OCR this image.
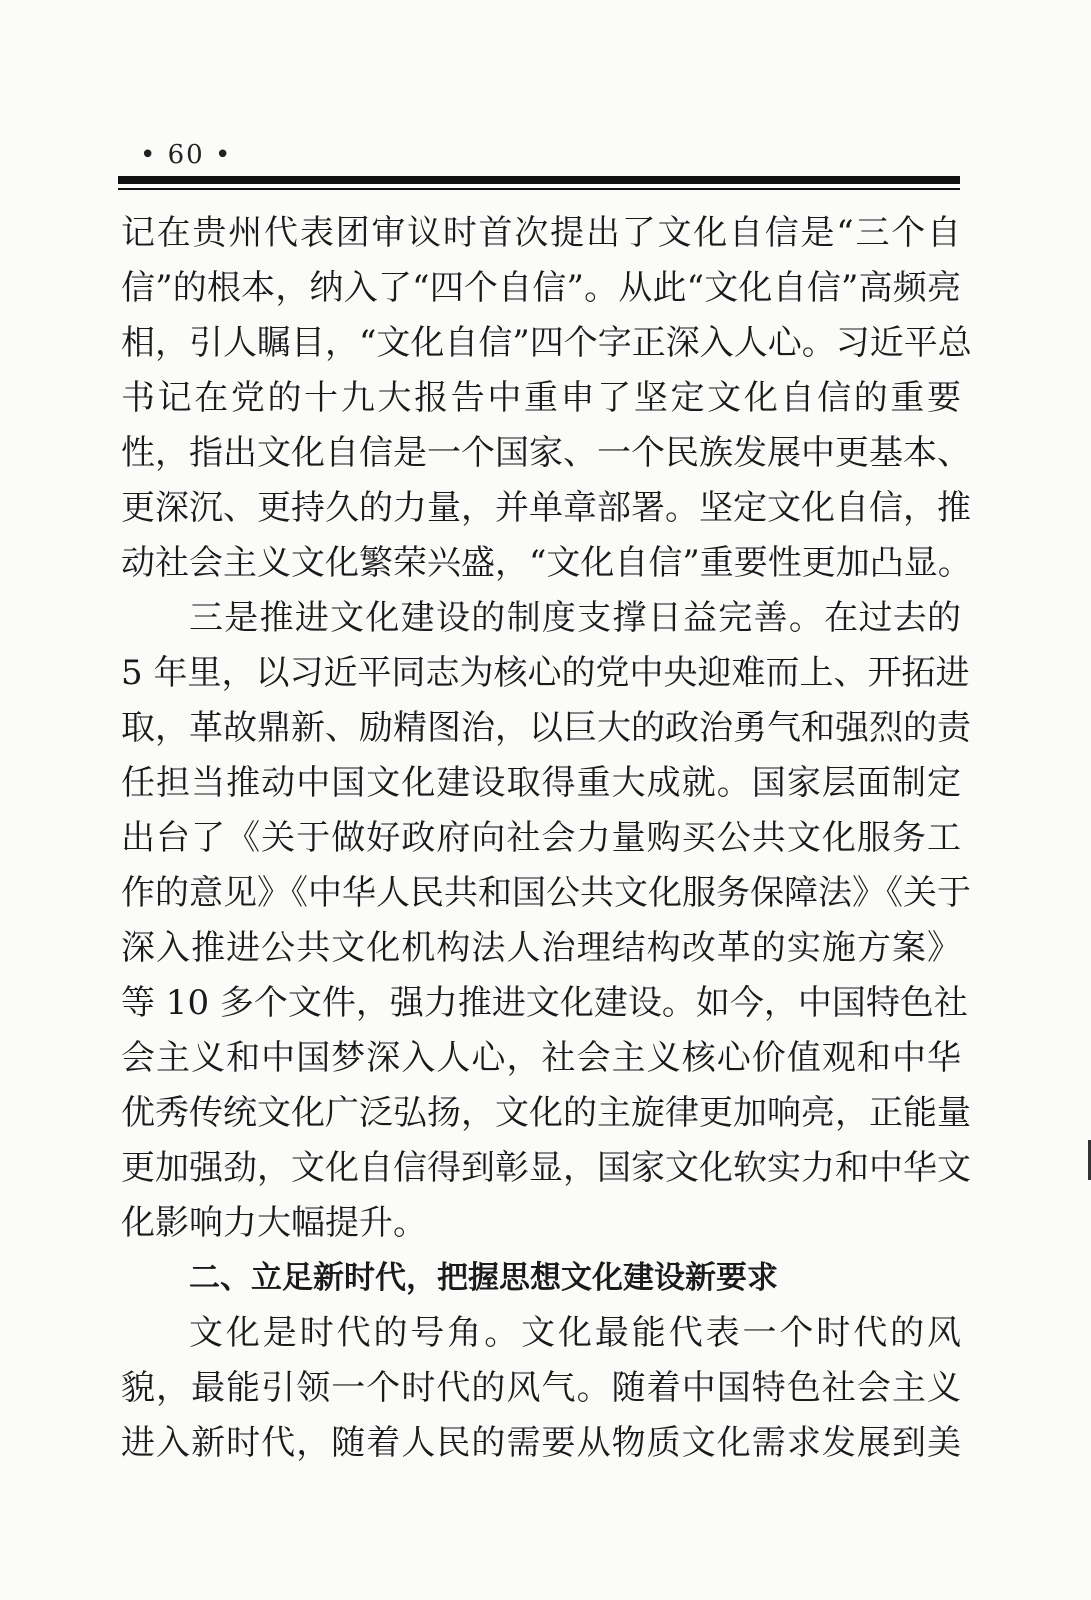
• 60 •
记在贵州代表团审议时首次提出了文化自信是“三个自
信”的根本，纳入了“四个自信”。从此“文化自信”高频亮
相，引人瞩目，“文化自信”四个字正深入人心。习近平总
书记在党的十九大报告中重申了坚定文化自信的重要
性，指出文化自信是一个国家、一个民族发展中更基本、
更深沉、更持久的力量，并单章部署。坚定文化自信，推
动社会主义文化繁荣兴盛，“文化自信”重要性更加凸显。
三是推进文化建设的制度支撑日益完善。在过去的
5 年里，以习近平同志为核心的党中央迎难而上、开拓进
取，革故鼎新、励精图治，以巨大的政治勇气和强烈的责
任担当推动中国文化建设取得重大成就。国家层面制定
出台了《关于做好政府向社会力量购买公共文化服务工
作的意见》《中华人民共和国公共文化服务保障法》《关于
深入推进公共文化机构法人治理结构改革的实施方案》
等 10 多个文件，强力推进文化建设。如今，中国特色社
会主义和中国梦深入人心，社会主义核心价值观和中华
优秀传统文化广泛弘扬，文化的主旋律更加响亮，正能量
更加强劲，文化自信得到彰显，国家文化软实力和中华文
化影响力大幅提升。
二、立足新时代，把握思想文化建设新要求
文化是时代的号角。文化最能代表一个时代的风
貌，最能引领一个时代的风气。随着中国特色社会主义
进入新时代，随着人民的需要从物质文化需求发展到美
